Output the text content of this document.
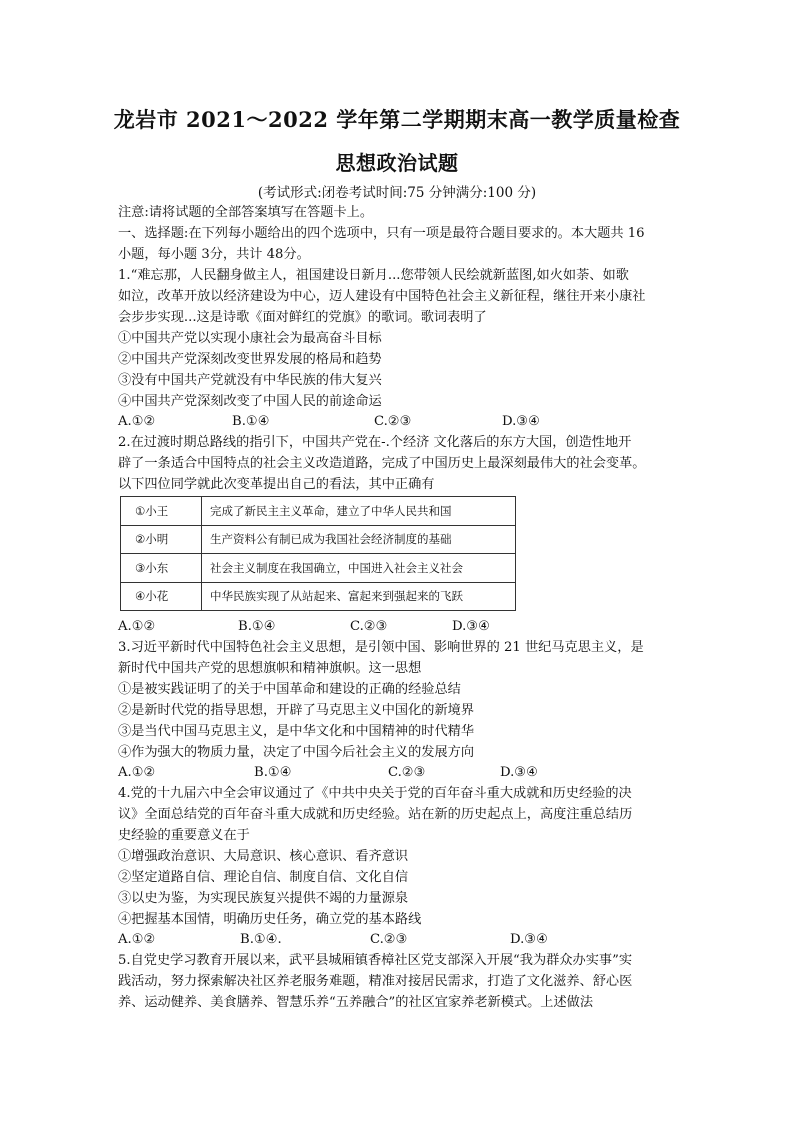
龙岩市 2021～2022 学年第二学期期末高一教学质量检查
思想政治试题
(考试形式:闭卷考试时间:75 分钟满分:100 分)
注意:请将试题的全部答案填写在答题卡上。
一、选择题:在下列每小题给出的四个选项中，只有一项是最符合题目要求的。本大题共 16
小题，每小题 3分，共计 48分。
1.“难忘那，人民翻身做主人，祖国建设日新月...您带领人民绘就新蓝图,如火如荼、如歌
如泣，改革开放以经济建设为中心，迈人建设有中国特色社会主义新征程，继往开来小康社
会步步实现...这是诗歌《面对鲜红的党旗》的歌词。歌词表明了
①中国共产党以实现小康社会为最高奋斗目标
②中国共产党深刻改变世界发展的格局和趋势
③没有中国共产党就没有中华民族的伟大复兴
④中国共产党深刻改变了中国人民的前途命运
A.①②	B.①④	C.②③	D.③④
2.在过渡时期总路线的指引下，中国共产党在-.个经济 文化落后的东方大国，创造性地开
辟了一条适合中国特点的社会主义改造道路，完成了中国历史上最深刻最伟大的社会变革。
以下四位同学就此次变革提出自己的看法，其中正确有
①小王	完成了新民主主义革命，建立了中华人民共和国
②小明	生产资料公有制已成为我国社会经济制度的基础
③小东	社会主义制度在我国确立，中国进入社会主义社会
④小花	中华民族实现了从站起来、富起来到强起来的飞跃
A.①②	B.①④	C.②③	D.③④
3.习近平新时代中国特色社会主义思想，是引领中国、影响世界的 21 世纪马克思主义，是
新时代中国共产党的思想旗帜和精神旗帜。这一思想
①是被实践证明了的关于中国革命和建设的正确的经验总结
②是新时代党的指导思想，开辟了马克思主义中国化的新境界
③是当代中国马克思主义，是中华文化和中国精神的时代精华
④作为强大的物质力量，决定了中国今后社会主义的发展方向
A.①②	B.①④	C.②③	D.③④
4.党的十九届六中全会审议通过了《中共中央关于党的百年奋斗重大成就和历史经验的决
议》全面总结党的百年奋斗重大成就和历史经验。站在新的历史起点上，高度注重总结历
史经验的重要意义在于
①增强政治意识、大局意识、核心意识、看齐意识
②坚定道路自信、理论自信、制度自信、文化自信
③以史为鉴，为实现民族复兴提供不竭的力量源泉
④把握基本国情，明确历史任务，确立党的基本路线
A.①②	B.①④.	C.②③	D.③④
5.自党史学习教育开展以来，武平县城厢镇香樟社区党支部深入开展“我为群众办实事”实
践活动，努力探索解决社区养老服务难题，精准对接居民需求，打造了文化滋养、舒心医
养、运动健养、美食膳养、智慧乐养“五养融合”的社区宜家养老新模式。上述做法
